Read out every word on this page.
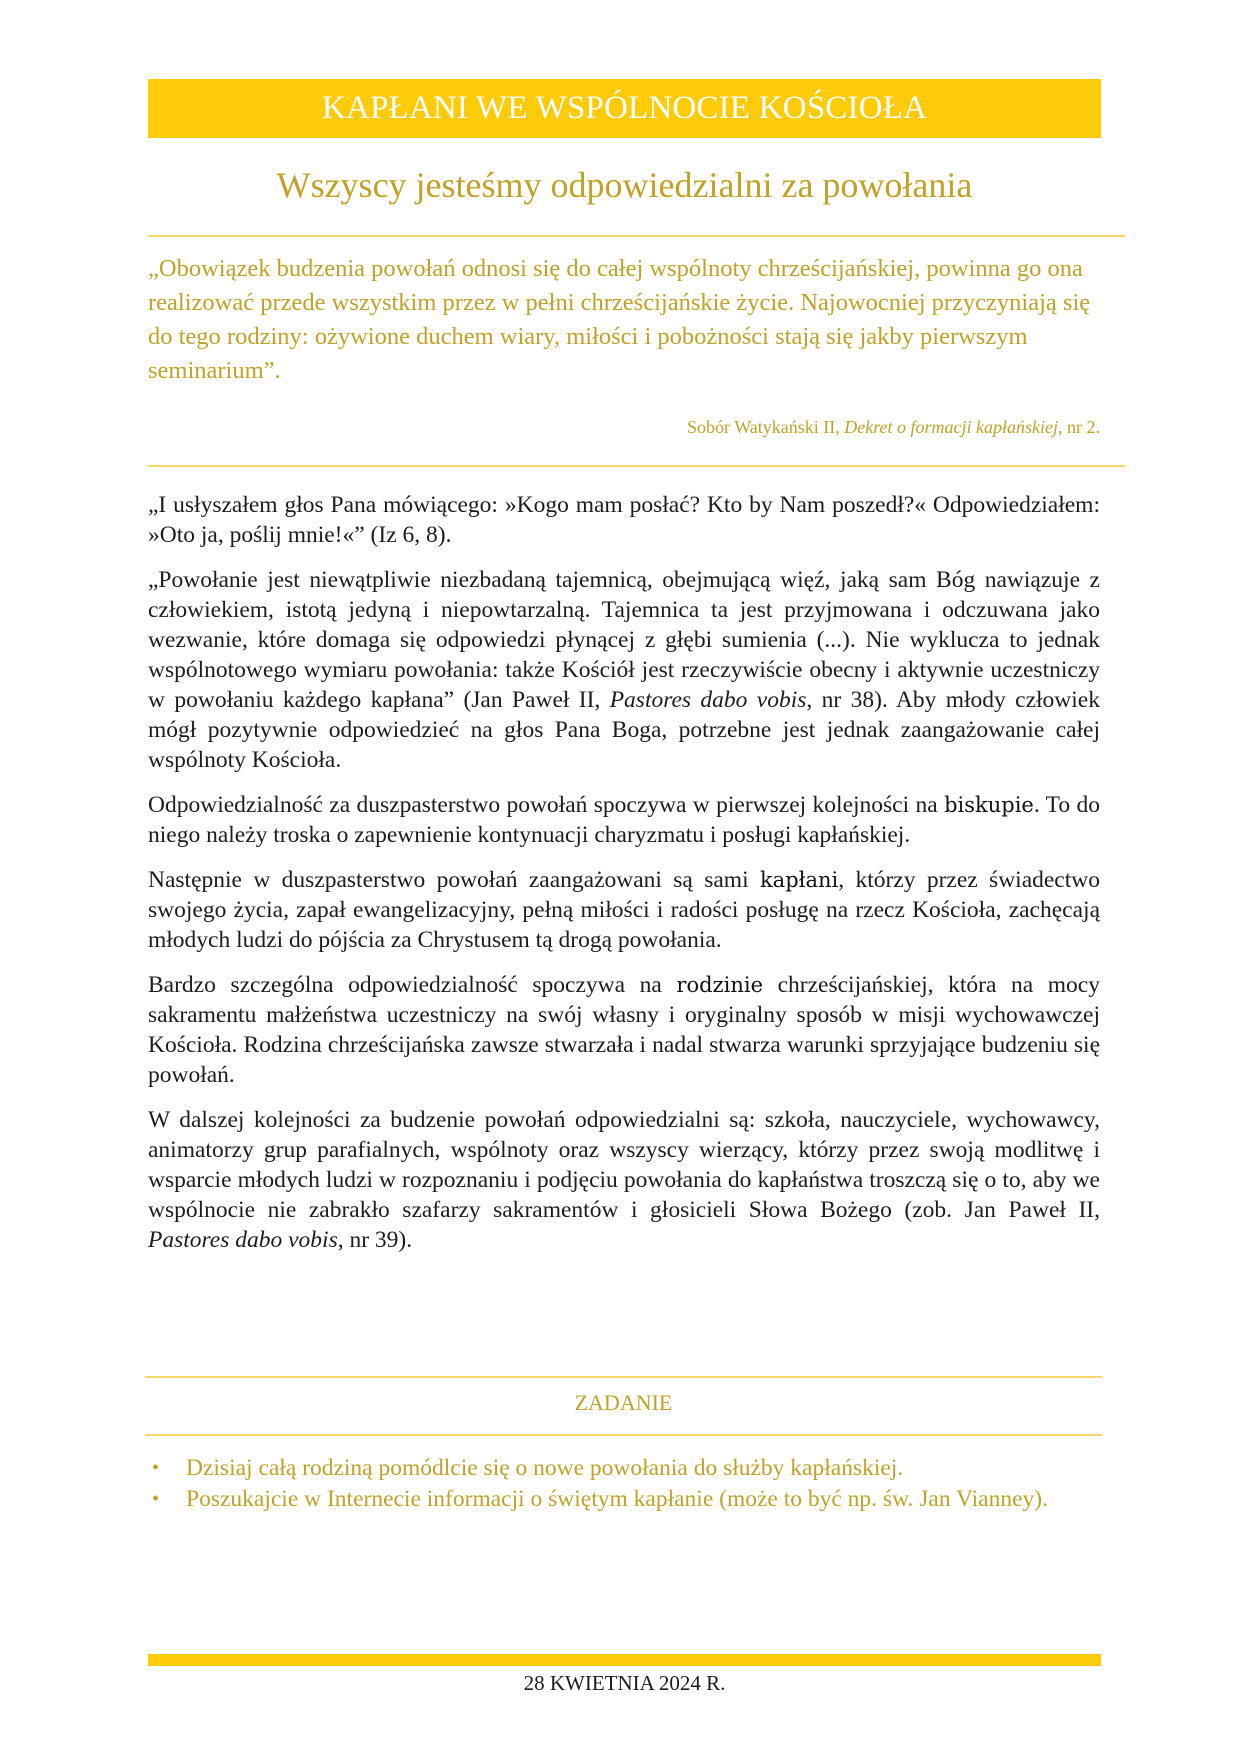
KAPŁANI WE WSPÓLNOCIE KOŚCIOŁA
Wszyscy jesteśmy odpowiedzialni za powołania
„Obowiązek budzenia powołań odnosi się do całej wspólnoty chrześcijańskiej, powinna go ona realizować przede wszystkim przez w pełni chrześcijańskie życie. Najowocniej przyczyniają się do tego rodziny: ożywione duchem wiary, miłości i pobożności stają się jakby pierwszym seminarium”.
Sobór Watykański II, Dekret o formacji kapłańskiej, nr 2.

„I usłyszałem głos Pana mówiącego: »Kogo mam posłać? Kto by Nam poszedł?« Odpowiedziałem: »Oto ja, poślij mnie!«” (Iz 6, 8).

„Powołanie jest niewątpliwie niezbadaną tajemnicą, obejmującą więź, jaką sam Bóg nawiązuje z człowiekiem, istotą jedyną i niepowtarzalną. Tajemnica ta jest przyjmowana i odczuwana jako wezwanie, które domaga się odpowiedzi płynącej z głębi sumienia (...). Nie wyklucza to jednak wspólnotowego wymiaru powołania: także Kościół jest rzeczywiście obecny i aktywnie uczestniczy w powołaniu każdego kapłana” (Jan Paweł II, Pastores dabo vobis, nr 38). Aby młody człowiek mógł pozytywnie odpowiedzieć na głos Pana Boga, potrzebne jest jednak zaangażowanie całej wspólnoty Kościoła.

Odpowiedzialność za duszpasterstwo powołań spoczywa w pierwszej kolejności na biskupie. To do niego należy troska o zapewnienie kontynuacji charyzmatu i posługi kapłańskiej.

Następnie w duszpasterstwo powołań zaangażowani są sami kapłani, którzy przez świadectwo swojego życia, zapał ewangelizacyjny, pełną miłości i radości posługę na rzecz Kościoła, zachęcają młodych ludzi do pójścia za Chrystusem tą drogą powołania.

Bardzo szczególna odpowiedzialność spoczywa na rodzinie chrześcijańskiej, która na mocy sakramentu małżeństwa uczestniczy na swój własny i oryginalny sposób w misji wychowawczej Kościoła. Rodzina chrześcijańska zawsze stwarzała i nadal stwarza warunki sprzyjające budzeniu się powołań.

W dalszej kolejności za budzenie powołań odpowiedzialni są: szkoła, nauczyciele, wychowawcy, animatorzy grup parafialnych, wspólnoty oraz wszyscy wierzący, którzy przez swoją modlitwę i wsparcie młodych ludzi w rozpoznaniu i podjęciu powołania do kapłaństwa troszczą się o to, aby we wspólnocie nie zabrakło szafarzy sakramentów i głosicieli Słowa Bożego (zob. Jan Paweł II, Pastores dabo vobis, nr 39).

ZADANIE
• Dzisiaj całą rodziną pomódlcie się o nowe powołania do służby kapłańskiej.
• Poszukajcie w Internecie informacji o świętym kapłanie (może to być np. św. Jan Vianney).
28 KWIETNIA 2024 R.
